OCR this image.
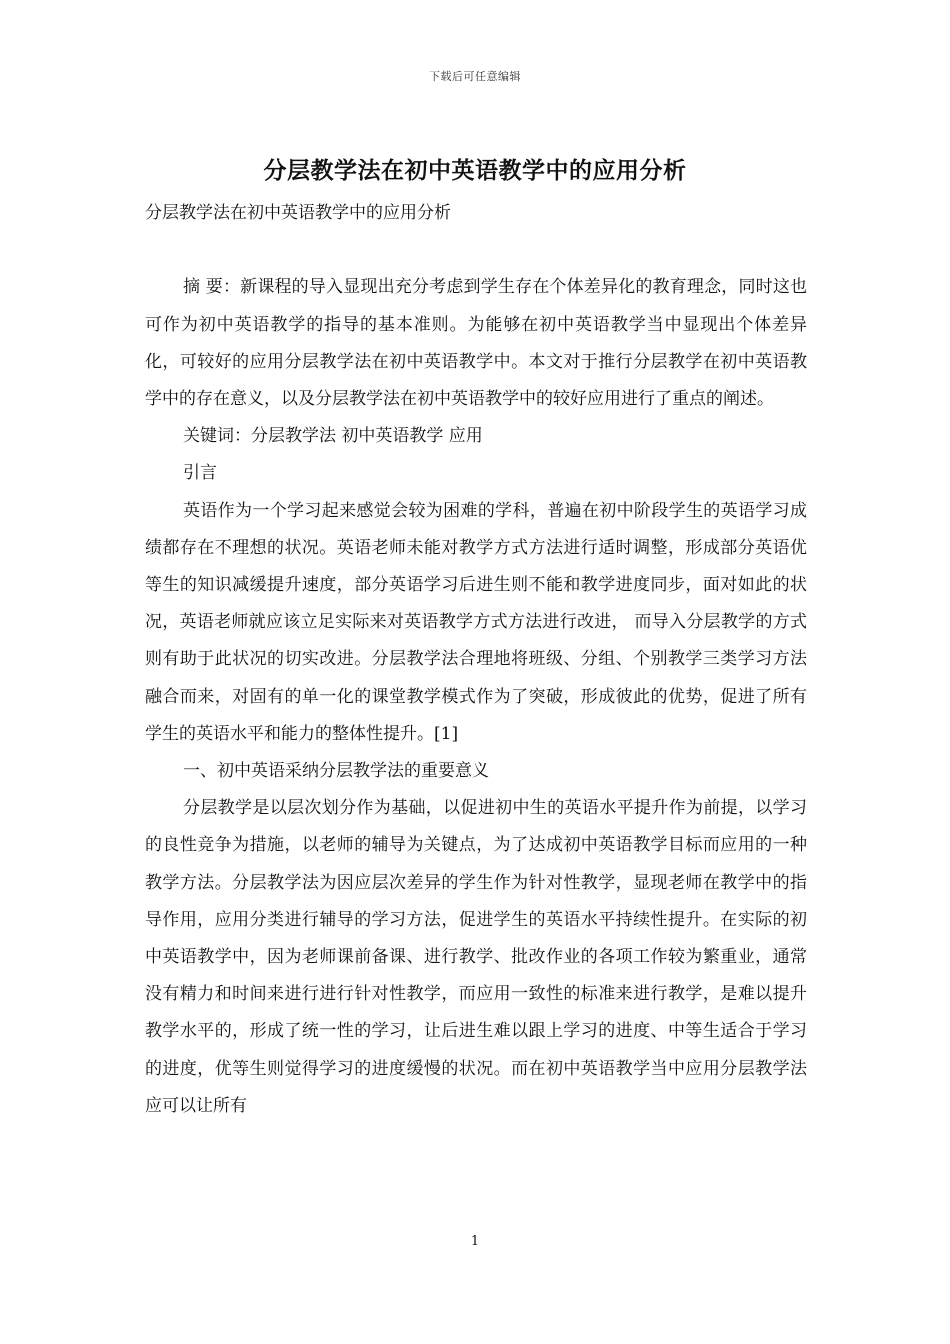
下载后可任意编辑
分层教学法在初中英语教学中的应用分析

分层教学法在初中英语教学中的应用分析

摘 要：新课程的导入显现出充分考虑到学生存在个体差异化的教育理念，同时这也可作为初中英语教学的指导的基本准则。为能够在初中英语教学当中显现出个体差异化，可较好的应用分层教学法在初中英语教学中。本文对于推行分层教学在初中英语教学中的存在意义，以及分层教学法在初中英语教学中的较好应用进行了重点的阐述。

关键词：分层教学法 初中英语教学 应用

引言

英语作为一个学习起来感觉会较为困难的学科，普遍在初中阶段学生的英语学习成绩都存在不理想的状况。英语老师未能对教学方式方法进行适时调整，形成部分英语优等生的知识减缓提升速度，部分英语学习后进生则不能和教学进度同步，面对如此的状况，英语老师就应该立足实际来对英语教学方式方法进行改进， 而导入分层教学的方式则有助于此状况的切实改进。分层教学法合理地将班级、分组、个别教学三类学习方法融合而来，对固有的单一化的课堂教学模式作为了突破，形成彼此的优势，促进了所有学生的英语水平和能力的整体性提升。[1]

一、初中英语采纳分层教学法的重要意义

分层教学是以层次划分作为基础，以促进初中生的英语水平提升作为前提，以学习的良性竞争为措施，以老师的辅导为关键点，为了达成初中英语教学目标而应用的一种教学方法。分层教学法为因应层次差异的学生作为针对性教学，显现老师在教学中的指导作用，应用分类进行辅导的学习方法，促进学生的英语水平持续性提升。在实际的初中英语教学中，因为老师课前备课、进行教学、批改作业的各项工作较为繁重业，通常没有精力和时间来进行进行针对性教学，而应用一致性的标准来进行教学，是难以提升教学水平的，形成了统一性的学习，让后进生难以跟上学习的进度、中等生适合于学习的进度，优等生则觉得学习的进度缓慢的状况。而在初中英语教学当中应用分层教学法应可以让所有

1
